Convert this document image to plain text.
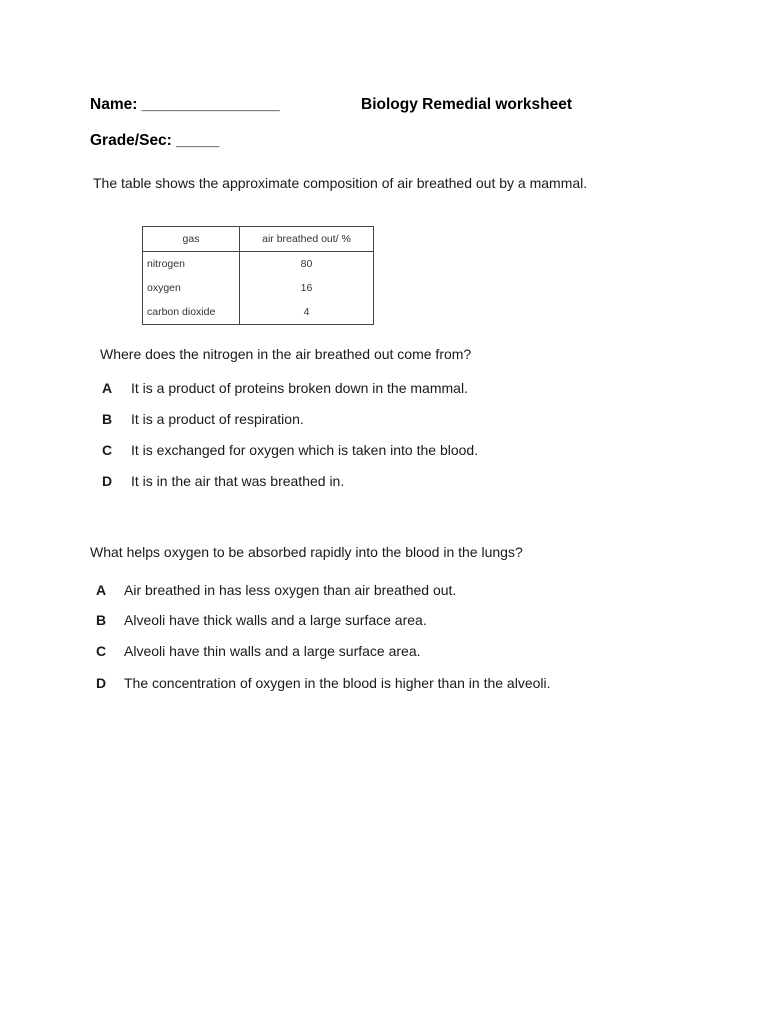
Name: ________________	Biology Remedial worksheet
Grade/Sec: _____
The table shows the approximate composition of air breathed out by a mammal.
gas	air breathed out/ %
nitrogen	80
oxygen	16
carbon dioxide	4
Where does the nitrogen in the air breathed out come from?
A It is a product of proteins broken down in the mammal.
B It is a product of respiration.
C It is exchanged for oxygen which is taken into the blood.
D It is in the air that was breathed in.
What helps oxygen to be absorbed rapidly into the blood in the lungs?
A Air breathed in has less oxygen than air breathed out.
B Alveoli have thick walls and a large surface area.
C Alveoli have thin walls and a large surface area.
D The concentration of oxygen in the blood is higher than in the alveoli.
